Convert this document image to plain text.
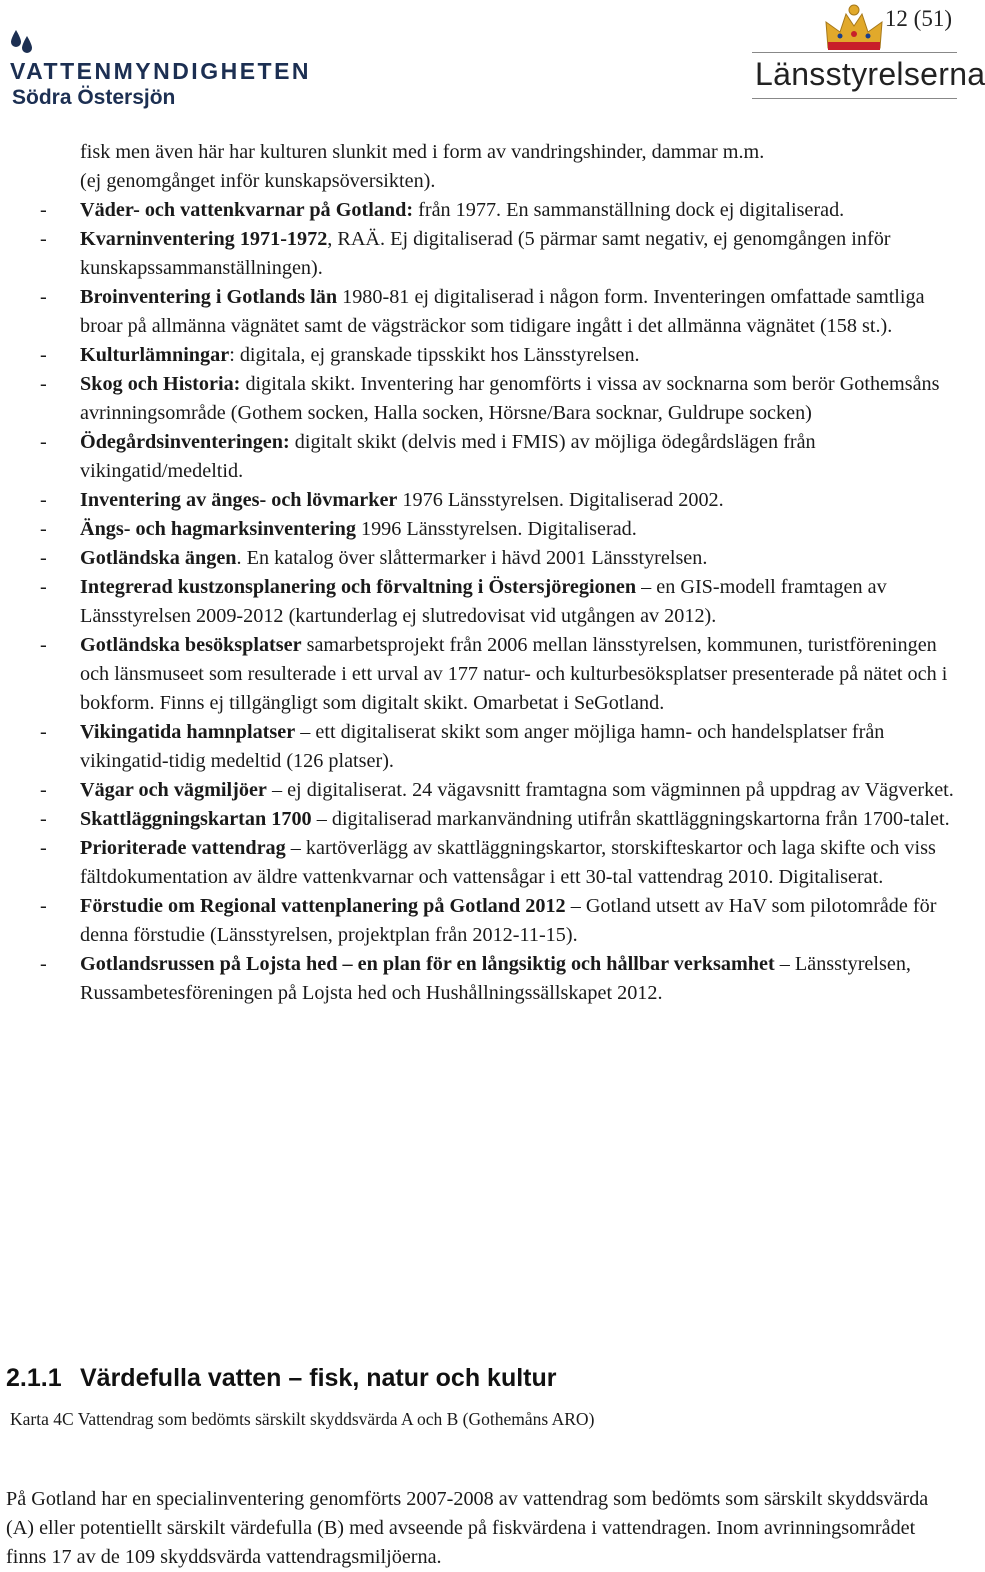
VATTENMYNDIGHETEN
Södra Östersjön
12 (51)
Länsstyrelserna

fisk men även här har kulturen slunkit med i form av vandringshinder, dammar m.m.
(ej genomgånget inför kunskapsöversikten).

- Väder- och vattenkvarnar på Gotland: från 1977. En sammanställning dock ej digitaliserad.

- Kvarninventering 1971-1972, RAÄ. Ej digitaliserad (5 pärmar samt negativ, ej genomgången inför kunskapssammanställningen).

- Broinventering i Gotlands län 1980-81 ej digitaliserad i någon form. Inventeringen omfattade samtliga broar på allmänna vägnätet samt de vägsträckor som tidigare ingått i det allmänna vägnätet (158 st.).

- Kulturlämningar: digitala, ej granskade tipsskikt hos Länsstyrelsen.

- Skog och Historia: digitala skikt. Inventering har genomförts i vissa av socknarna som berör Gothemsåns avrinningsområde (Gothem socken, Halla socken, Hörsne/Bara socknar, Guldrupe socken)

- Ödegårdsinventeringen: digitalt skikt (delvis med i FMIS) av möjliga ödegårdslägen från vikingatid/medeltid.

- Inventering av änges- och lövmarker 1976 Länsstyrelsen. Digitaliserad 2002.

- Ängs- och hagmarksinventering 1996 Länsstyrelsen. Digitaliserad.

- Gotländska ängen. En katalog över slåttermarker i hävd 2001 Länsstyrelsen.

- Integrerad kustzonsplanering och förvaltning i Östersjöregionen – en GIS-modell framtagen av Länsstyrelsen 2009-2012 (kartunderlag ej slutredovisat vid utgången av 2012).

- Gotländska besöksplatser samarbetsprojekt från 2006 mellan länsstyrelsen, kommunen, turistföreningen och länsmuseet som resulterade i ett urval av 177 natur- och kulturbesöksplatser presenterade på nätet och i bokform. Finns ej tillgängligt som digitalt skikt. Omarbetat i SeGotland.

- Vikingatida hamnplatser – ett digitaliserat skikt som anger möjliga hamn- och handelsplatser från vikingatid-tidig medeltid (126 platser).

- Vägar och vägmiljöer – ej digitaliserat. 24 vägavsnitt framtagna som vägminnen på uppdrag av Vägverket.

- Skattläggningskartan 1700 – digitaliserad markanvändning utifrån skattläggningskartorna från 1700-talet.

- Prioriterade vattendrag – kartöverlägg av skattläggningskartor, storskifteskartor och laga skifte och viss fältdokumentation av äldre vattenkvarnar och vattensågar i ett 30-tal vattendrag 2010. Digitaliserat.

- Förstudie om Regional vattenplanering på Gotland 2012 – Gotland utsett av HaV som pilotområde för denna förstudie (Länsstyrelsen, projektplan från 2012-11-15).

- Gotlandsrussen på Lojsta hed – en plan för en långsiktig och hållbar verksamhet – Länsstyrelsen, Russambetesföreningen på Lojsta hed och Hushållningssällskapet 2012.

2.1.1 Värdefulla vatten – fisk, natur och kultur
Karta 4C Vattendrag som bedömts särskilt skyddsvärda A och B (Gothemåns ARO)

På Gotland har en specialinventering genomförts 2007-2008 av vattendrag som bedömts som särskilt skyddsvärda (A) eller potentiellt särskilt värdefulla (B) med avseende på fiskvärdena i vattendragen. Inom avrinningsområdet finns 17 av de 109 skyddsvärda vattendragsmiljöerna.
